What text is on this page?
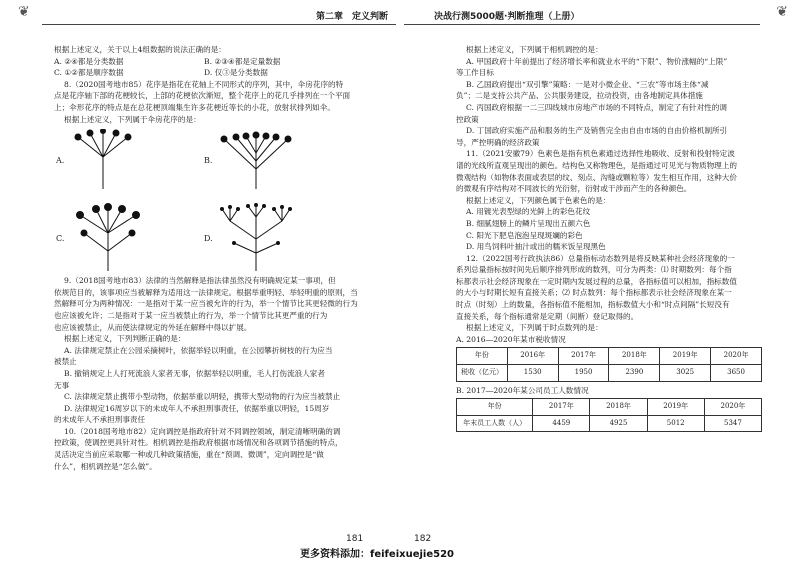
❦	第二章　定义判断
根据上述定义，关于以上4组数据的说法正确的是：
A. ②④都是分类数据	B. ②③④都是定量数据
C. ①②都是顺序数据	D. 仅③是分类数据
8.（2020国考地市85）花序是指花在花轴上不同形式的序列，其中，伞房花序的特
点是花序轴下部的花梗较长，上部的花梗依次渐短，整个花序上的花几乎排列在一个平面
上；伞形花序的特点是在总花梗顶端集生许多花梗近等长的小花，放射状排列如伞。
根据上述定义，下列属于伞房花序的是：
A.	B.
C.	D.
9.（2018国考地市83）法律的当然解释是指法律虽然没有明确规定某一事项，但
依规范目的，该事项应当被解释为适用这一法律规定。根据举重明轻、举轻明重的原则，当
然解释可分为两种情况：一是指对于某一应当被允许的行为，举一个情节比其更轻微的行为
也应该被允许；二是指对于某一应当被禁止的行为，举一个情节比其更严重的行为
也应该被禁止，从而使法律规定的外延在解释中得以扩展。
根据上述定义，下列判断正确的是：
A. 法律规定禁止在公园采摘树叶，依据举轻以明重，在公园攀折树枝的行为应当
被禁止
B. 撤销规定上人打死流浪人家者无事，依据举轻以明重，毛人打伤流浪人家者
无事
C. 法律规定禁止携带小型动物，依据举重以明轻，携带大型动物的行为应当被禁止
D. 法律规定16周岁以下的未成年人不承担刑事责任，依据举重以明轻，15周岁
的未成年人不承担刑事责任
10.（2018国考地市82）定向调控是指政府针对不同调控领域，制定清晰明确的调
控政策，使调控更具针对性。相机调控是指政府根据市场情况和各项调节措施的特点，
灵活决定当前应采取哪一种或几种政策措施，重在“预调、微调”，定向调控是“做
什么”，相机调控是“怎么做”。
181
决战行测5000题·判断推理（上册）	❦
182
根据上述定义，下列属于相机调控的是：
A. 甲国政府十年前提出了经济增长率和就业水平的“下限”、物价涨幅的“上限”
等工作目标
B. 乙国政府提出“双引擎”策略：一是对小微企业、“三农”等市场主体“减
负”；二是支持公共产品、公共服务建设，拉动投资，由各地制定具体措施
C. 丙国政府根据一二三四线城市房地产市场的不同特点，制定了有针对性的调
控政策
D. 丁国政府实施产品和服务的生产及销售完全由自由市场的自由价格机制所引
导，严控明确的经济政策
11.（2021安徽79）色素色是指有机色素通过选择性地吸收、反射和投射特定波
谱的光线所直观呈现出的颜色。结构色又称物理色，是指通过可见光与物质物理上的
微观结构（如物体表面或表层的纹、刻点、沟缝或颗粒等）发生相互作用，这种大价
的微观有序结构对不同波长的光衍射，衍射或干涉而产生的各种颜色。
根据上述定义，下列颜色属于色素色的是：
A. 用镀光表型绿的光鲜上的彩色花纹
B. 细腻翅膀上的鳞片呈现出五颜六色
C. 阳光下肥皂泡泡呈现斑斓的彩色
D. 用鸟饲料叶抽汁或出的糯米饭呈现黑色
12.（2022国考行政执法86）总量指标动态数列是将反映某种社会经济现象的一
系列总量指标按时间先后顺序排列形成的数列，可分为两类：⑴ 时期数列：每个指
标都表示社会经济现象在一定时期内发展过程的总量，各指标值可以相加，指标数值
的大小与时期长短有直接关系；⑵ 时点数列：每个指标都表示社会经济现象在某一
时点（时刻）上的数量，各指标值不能相加，指标数值大小和“时点间隔”长短没有
直接关系，每个指标通常是定期（间断）登记取得的。
根据上述定义，下列属于时点数列的是：
A. 2016―2020年某市税收情况
年份	2016年	2017年	2018年	2019年	2020年
税收（亿元）	1530	1950	2390	3025	3650
B. 2017―2020年某公司员工人数情况
年份	2017年	2018年	2019年	2020年
年末员工人数（人）	4459	4925	5012	5347
更多资料添加：feifeixuejie520
